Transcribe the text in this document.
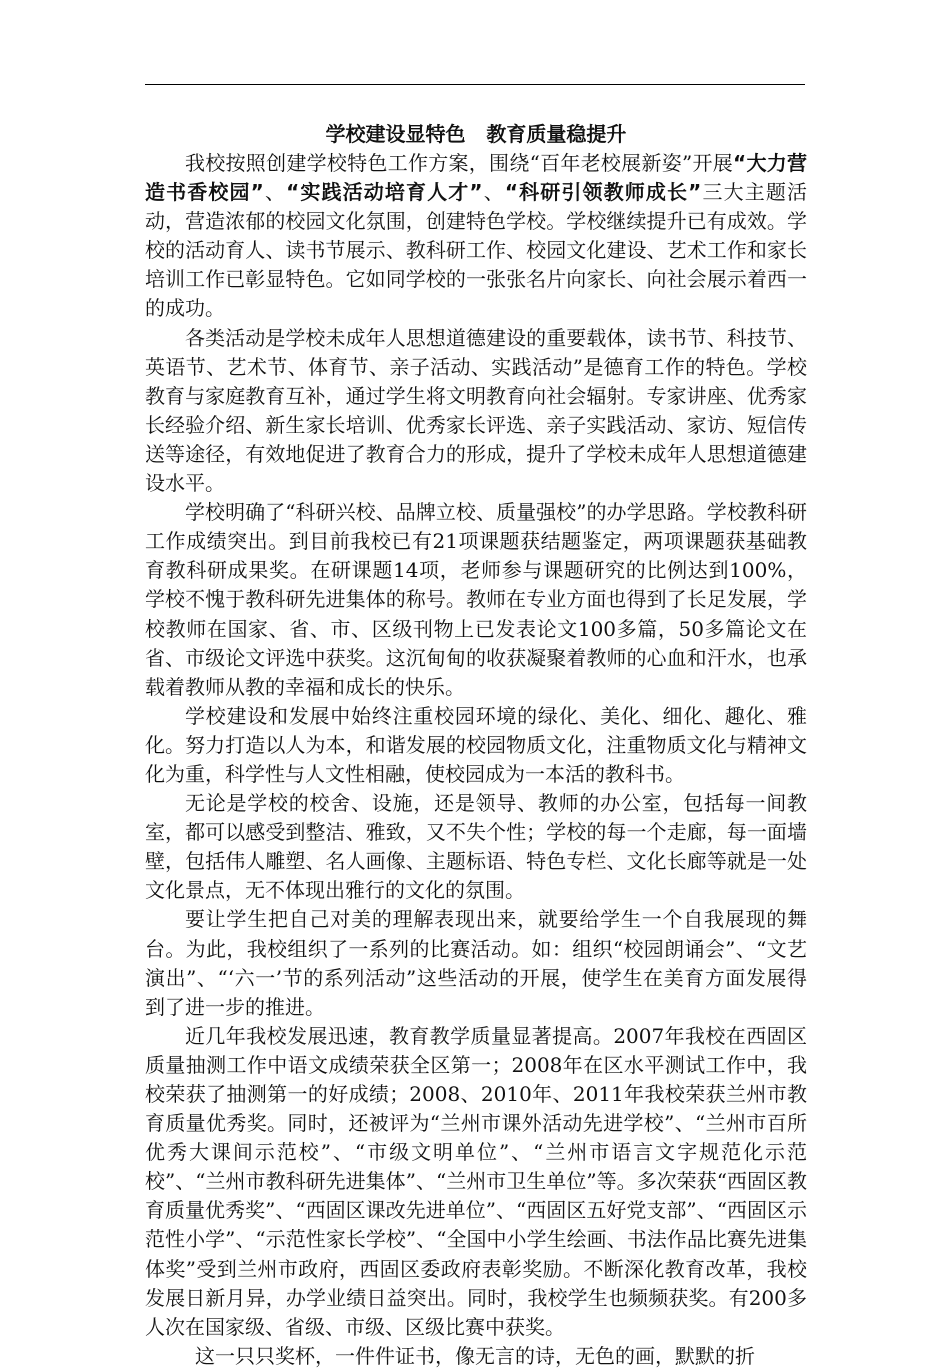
学校建设显特色   教育质量稳提升

我校按照创建学校特色工作方案，围绕“百年老校展新姿”开展“大力营造书香校园”、“实践活动培育人才”、“科研引领教师成长”三大主题活动，营造浓郁的校园文化氛围，创建特色学校。学校继续提升已有成效。学校的活动育人、读书节展示、教科研工作、校园文化建设、艺术工作和家长培训工作已彰显特色。它如同学校的一张张名片向家长、向社会展示着西一的成功。

各类活动是学校未成年人思想道德建设的重要载体，读书节、科技节、英语节、艺术节、体育节、亲子活动、实践活动”是德育工作的特色。学校教育与家庭教育互补，通过学生将文明教育向社会辐射。专家讲座、优秀家长经验介绍、新生家长培训、优秀家长评选、亲子实践活动、家访、短信传送等途径，有效地促进了教育合力的形成，提升了学校未成年人思想道德建设水平。

学校明确了“科研兴校、品牌立校、质量强校”的办学思路。学校教科研工作成绩突出。到目前我校已有21项课题获结题鉴定，两项课题获基础教育教科研成果奖。在研课题14项，老师参与课题研究的比例达到100%，学校不愧于教科研先进集体的称号。教师在专业方面也得到了长足发展，学校教师在国家、省、市、区级刊物上已发表论文100多篇，50多篇论文在省、市级论文评选中获奖。这沉甸甸的收获凝聚着教师的心血和汗水，也承载着教师从教的幸福和成长的快乐。

学校建设和发展中始终注重校园环境的绿化、美化、细化、趣化、雅化。努力打造以人为本，和谐发展的校园物质文化，注重物质文化与精神文化为重，科学性与人文性相融，使校园成为一本活的教科书。

无论是学校的校舍、设施，还是领导、教师的办公室，包括每一间教室，都可以感受到整洁、雅致，又不失个性；学校的每一个走廊，每一面墙壁，包括伟人雕塑、名人画像、主题标语、特色专栏、文化长廊等就是一处文化景点，无不体现出雅行的文化的氛围。

要让学生把自己对美的理解表现出来，就要给学生一个自我展现的舞台。为此，我校组织了一系列的比赛活动。如：组织“校园朗诵会”、“文艺演出”、“‘六一’节的系列活动”这些活动的开展，使学生在美育方面发展得到了进一步的推进。

近几年我校发展迅速，教育教学质量显著提高。2007年我校在西固区质量抽测工作中语文成绩荣获全区第一；2008年在区水平测试工作中，我校荣获了抽测第一的好成绩；2008、2010年、2011年我校荣获兰州市教育质量优秀奖。同时，还被评为“兰州市课外活动先进学校”、“兰州市百所优秀大课间示范校”、“市级文明单位”、“兰州市语言文字规范化示范校”、“兰州市教科研先进集体”、“兰州市卫生单位”等。多次荣获“西固区教育质量优秀奖”、“西固区课改先进单位”、“西固区五好党支部”、“西固区示范性小学”、“示范性家长学校”、“全国中小学生绘画、书法作品比赛先进集体奖”受到兰州市政府，西固区委政府表彰奖励。不断深化教育改革，我校发展日新月异，办学业绩日益突出。同时，我校学生也频频获奖。有200多人次在国家级、省级、市级、区级比赛中获奖。

这一只只奖杯，一件件证书，像无言的诗，无色的画，默默的折
